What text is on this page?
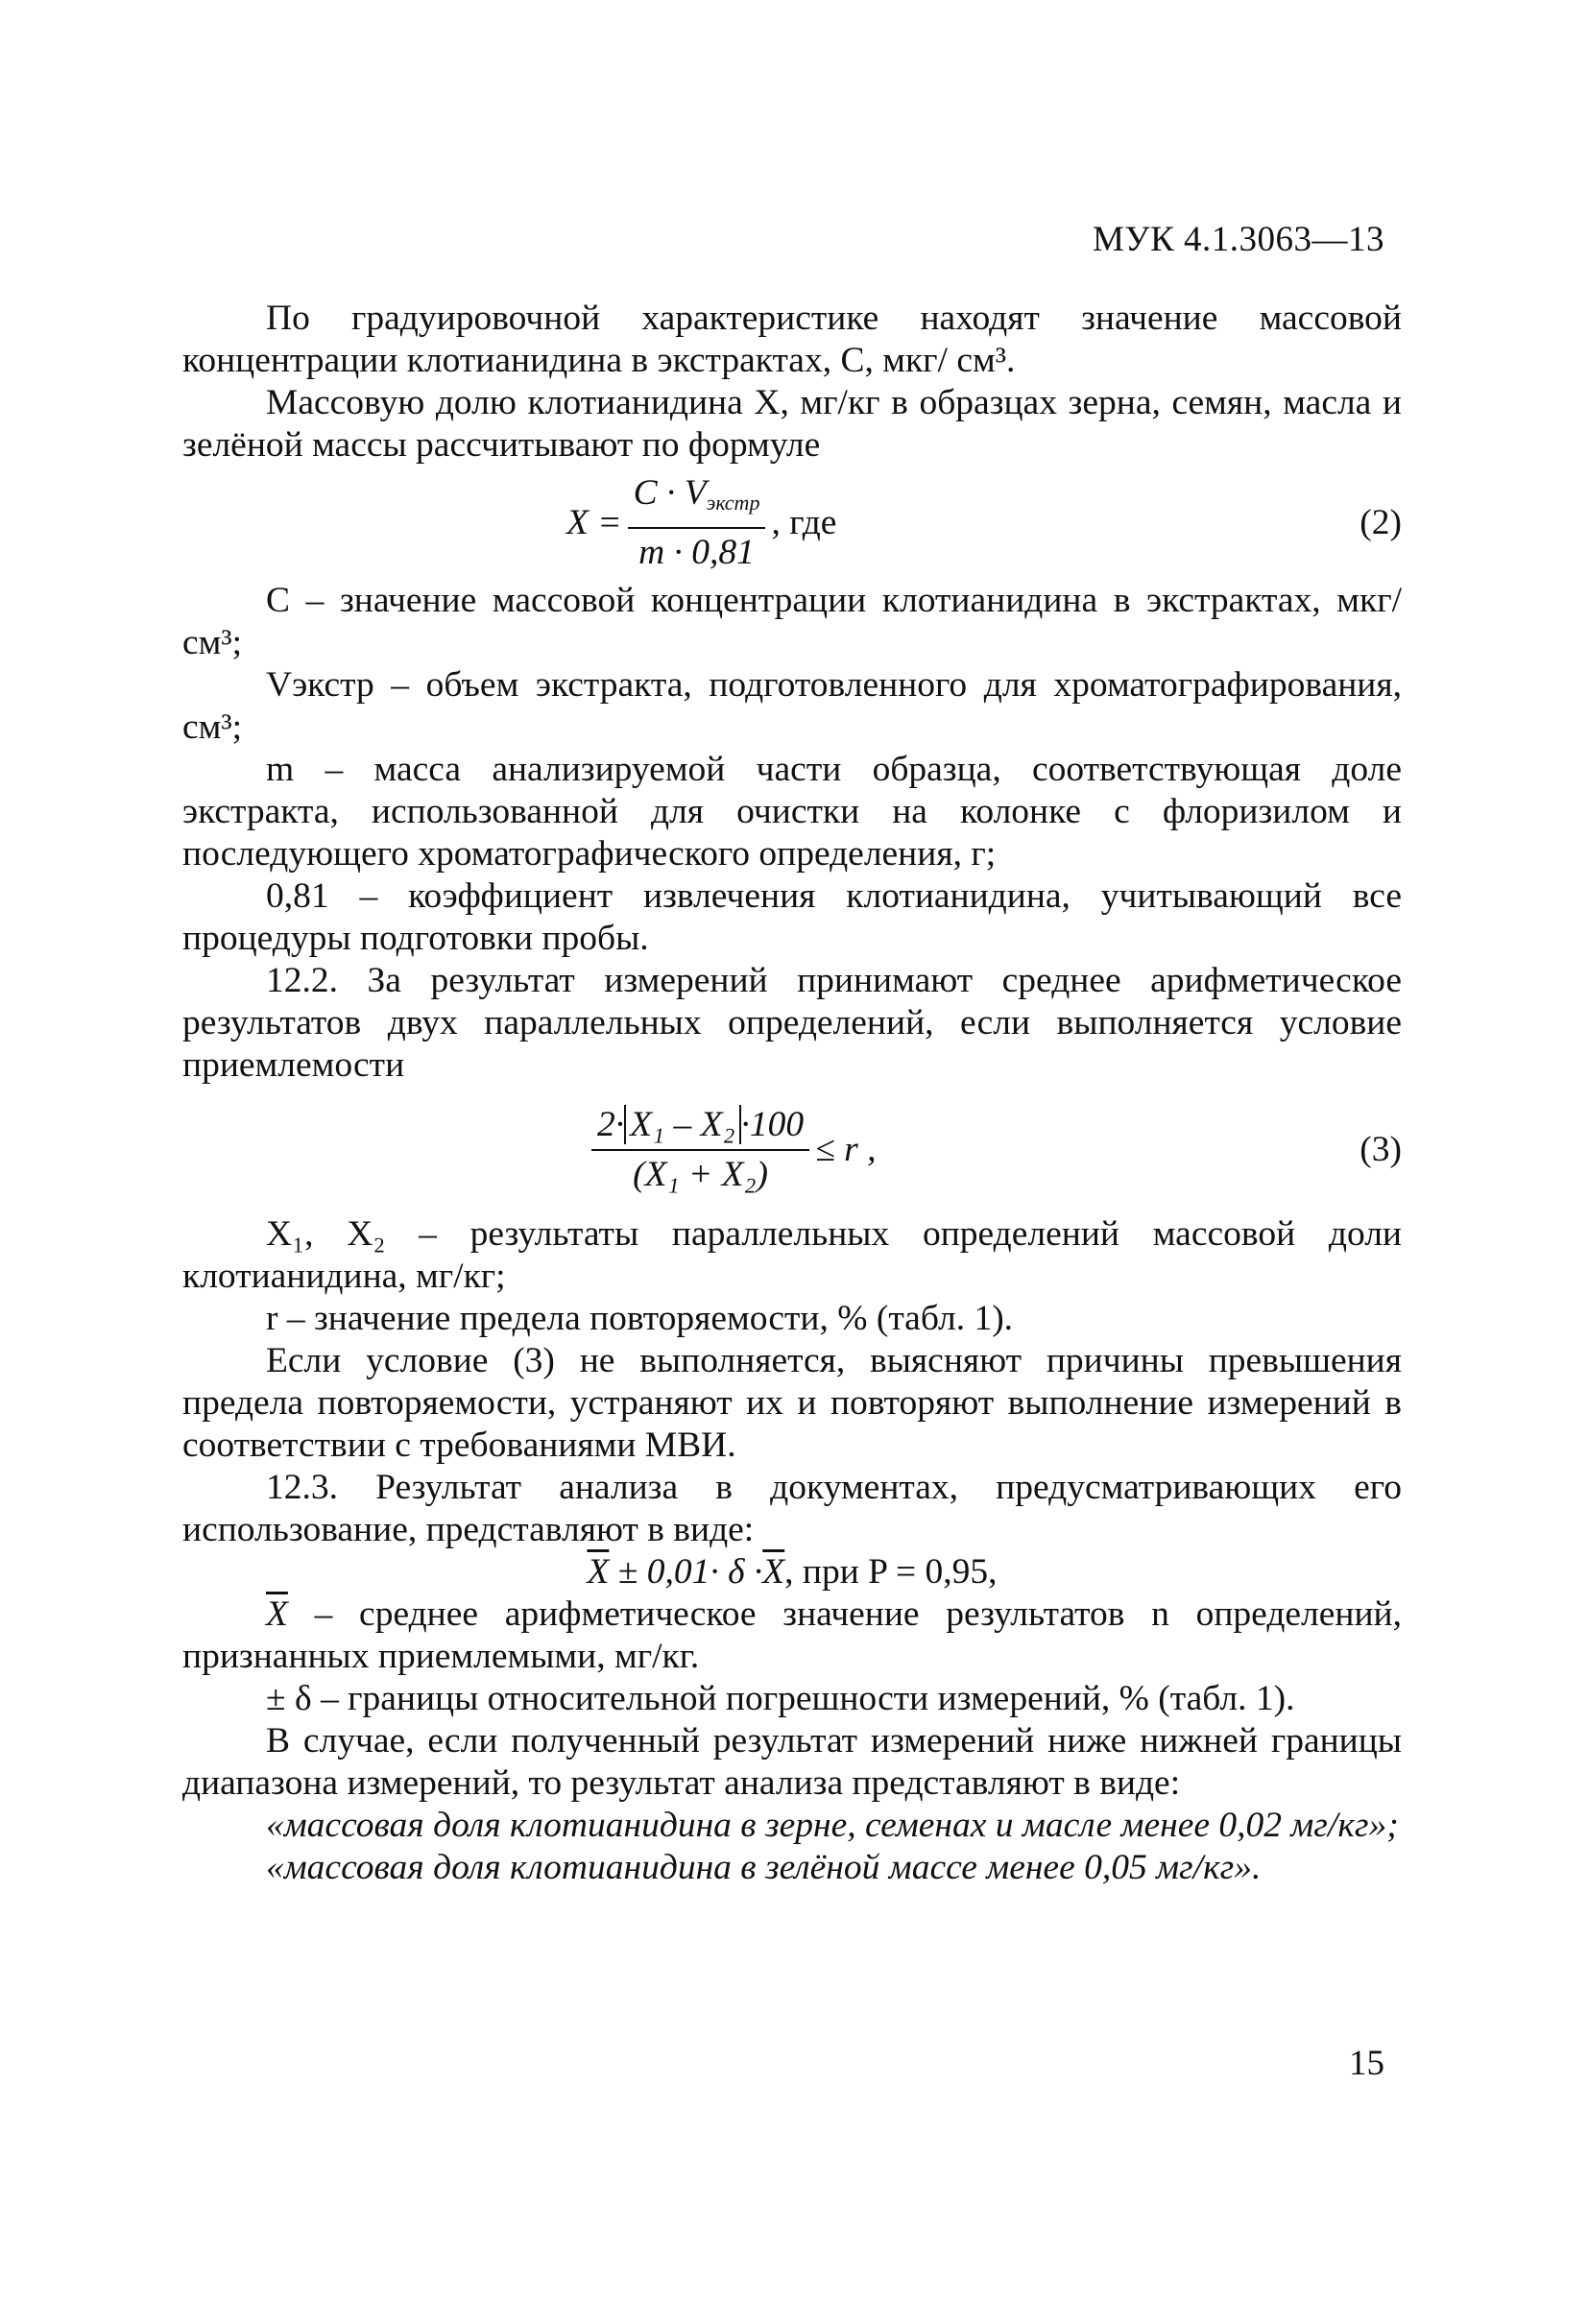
МУК 4.1.3063—13

По градуировочной характеристике находят значение массовой концентрации клотианидина в экстрактах, C, мкг/ см³.

Массовую долю клотианидина X, мг/кг в образцах зерна, семян, масла и зелёной массы рассчитывают по формуле

$X = \frac{C \cdot V_{экстр}}{m \cdot 0,81}$ , где	(2)

C – значение массовой концентрации клотианидина в экстрактах, мкг/ см³;

Vэкстр – объем экстракта, подготовленного для хроматографирования, см³;

m – масса анализируемой части образца, соответствующая доле экстракта, использованной для очистки на колонке с флоризилом и последующего хроматографического определения, г;

0,81 – коэффициент извлечения клотианидина, учитывающий все процедуры подготовки пробы.

12.2. За результат измерений принимают среднее арифметическое результатов двух параллельных определений, если выполняется условие приемлемости

$\frac{\text{2· X₁ – X₂ ·100}}{\text{(X₁ + X₂)}} \le r$ ,	(3)

X₁, X₂ – результаты параллельных определений массовой доли клотианидина, мг/кг;

r – значение предела повторяемости, % (табл. 1).

Если условие (3) не выполняется, выясняют причины превышения предела повторяемости, устраняют их и повторяют выполнение измерений в соответствии с требованиями МВИ.

12.3. Результат анализа в документах, предусматривающих его использование, представляют в виде:

$\overline{X} \pm 0,01\cdot \delta \cdot\overline{X}$, при P = 0,95,

$\overline{X}$ – среднее арифметическое значение результатов n определений, признанных приемлемыми, мг/кг.

± δ – границы относительной погрешности измерений, % (табл. 1).

В случае, если полученный результат измерений ниже нижней границы диапазона измерений, то результат анализа представляют в виде:

«массовая доля клотианидина в зерне, семенах и масле менее 0,02 мг/кг»;

«массовая доля клотианидина в зелёной массе менее 0,05 мг/кг».

15
